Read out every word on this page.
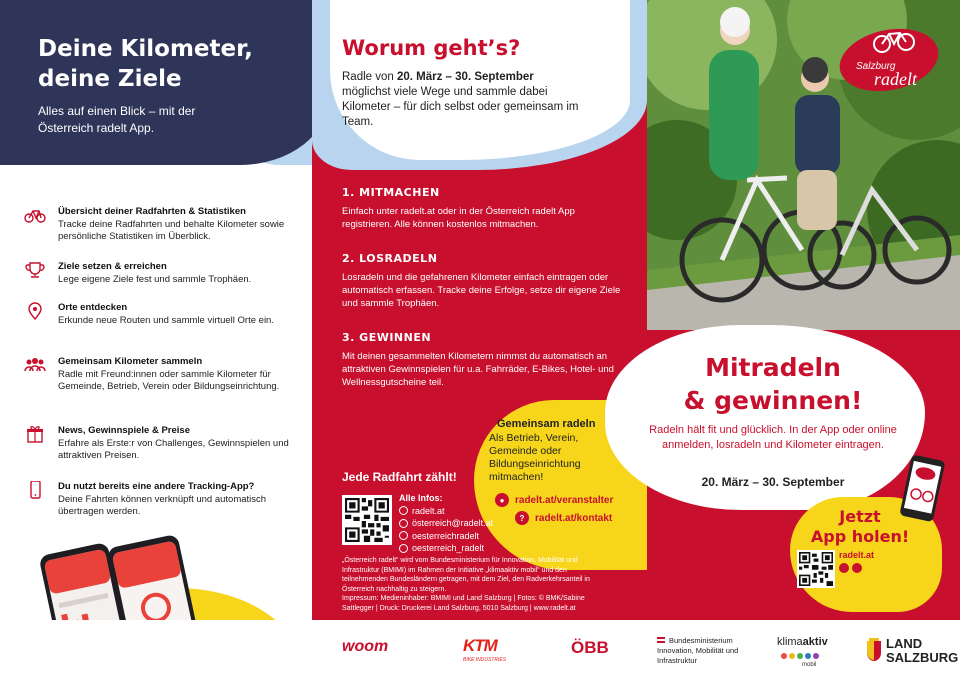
Deine Kilometer,
deine Ziele
Alles auf einen Blick – mit der Österreich radelt App.
Übersicht deiner Radfahrten & Statistiken
Tracke deine Radfahrten und behalte Kilometer sowie persönliche Statistiken im Überblick.
Ziele setzen & erreichen
Lege eigene Ziele fest und sammle Trophäen.
Orte entdecken
Erkunde neue Routen und sammle virtuell Orte ein.
Gemeinsam Kilometer sammeln
Radle mit Freund:innen oder sammle Kilometer für Gemeinde, Betrieb, Verein oder Bildungseinrichtung.
News, Gewinnspiele & Preise
Erfahre als Erste:r von Challenges, Gewinnspielen und attraktiven Preisen.
Du nutzt bereits eine andere Tracking-App?
Deine Fahrten können verknüpft und automatisch übertragen werden.
Worum geht’s?
Radle von 20. März – 30. September möglichst viele Wege und sammle dabei Kilometer – für dich selbst oder gemeinsam im Team.
1. MITMACHEN
Einfach unter radelt.at oder in der Österreich radelt App registrieren. Alle können kostenlos mitmachen.
2. LOSRADELN
Losradeln und die gefahrenen Kilometer einfach eintragen oder automatisch erfassen. Tracke deine Erfolge, setze dir eigene Ziele und sammle Trophäen.
3. GEWINNEN
Mit deinen gesammelten Kilometern nimmst du automatisch an attraktiven Gewinnspielen für u.a. Fahrräder, E-Bikes, Hotel- und Wellnessgutscheine teil.
Gemeinsam radeln
Als Betrieb, Verein, Gemeinde oder Bildungseinrichtung mitmachen!
●	radelt.at/veranstalter
?	radelt.at/kontakt
Jede Radfahrt zählt!
Alle Infos:
radelt.at
österreich@radelt.at
oesterreichradelt
oesterreich_radelt
„Österreich radelt“ wird vom Bundesministerium für Innovation, Mobilität und Infrastruktur (BMIMI) im Rahmen der Initiative „klimaaktiv mobil“ und den teilnehmenden Bundesländern getragen, mit dem Ziel, den Radverkehrsanteil in Österreich nachhaltig zu steigern.
Impressum: Medieninhaber: BMIMI und Land Salzburg | Fotos: © BMK/Sabine Sattlegger | Druck: Druckerei Land Salzburg, 5010 Salzburg | www.radelt.at
Salzburg
radelt
Mitradeln
& gewinnen!
Radeln hält fit und glücklich. In der App oder online anmelden, losradeln und Kilometer eintragen.
20. März – 30. September
Jetzt
App holen!
radelt.at
woom	KTM
BIKE INDUSTRIES
ÖBB	Bundesministerium Innovation, Mobilität und Infrastruktur
klimaaktiv
mobil
LAND
SALZBURG
